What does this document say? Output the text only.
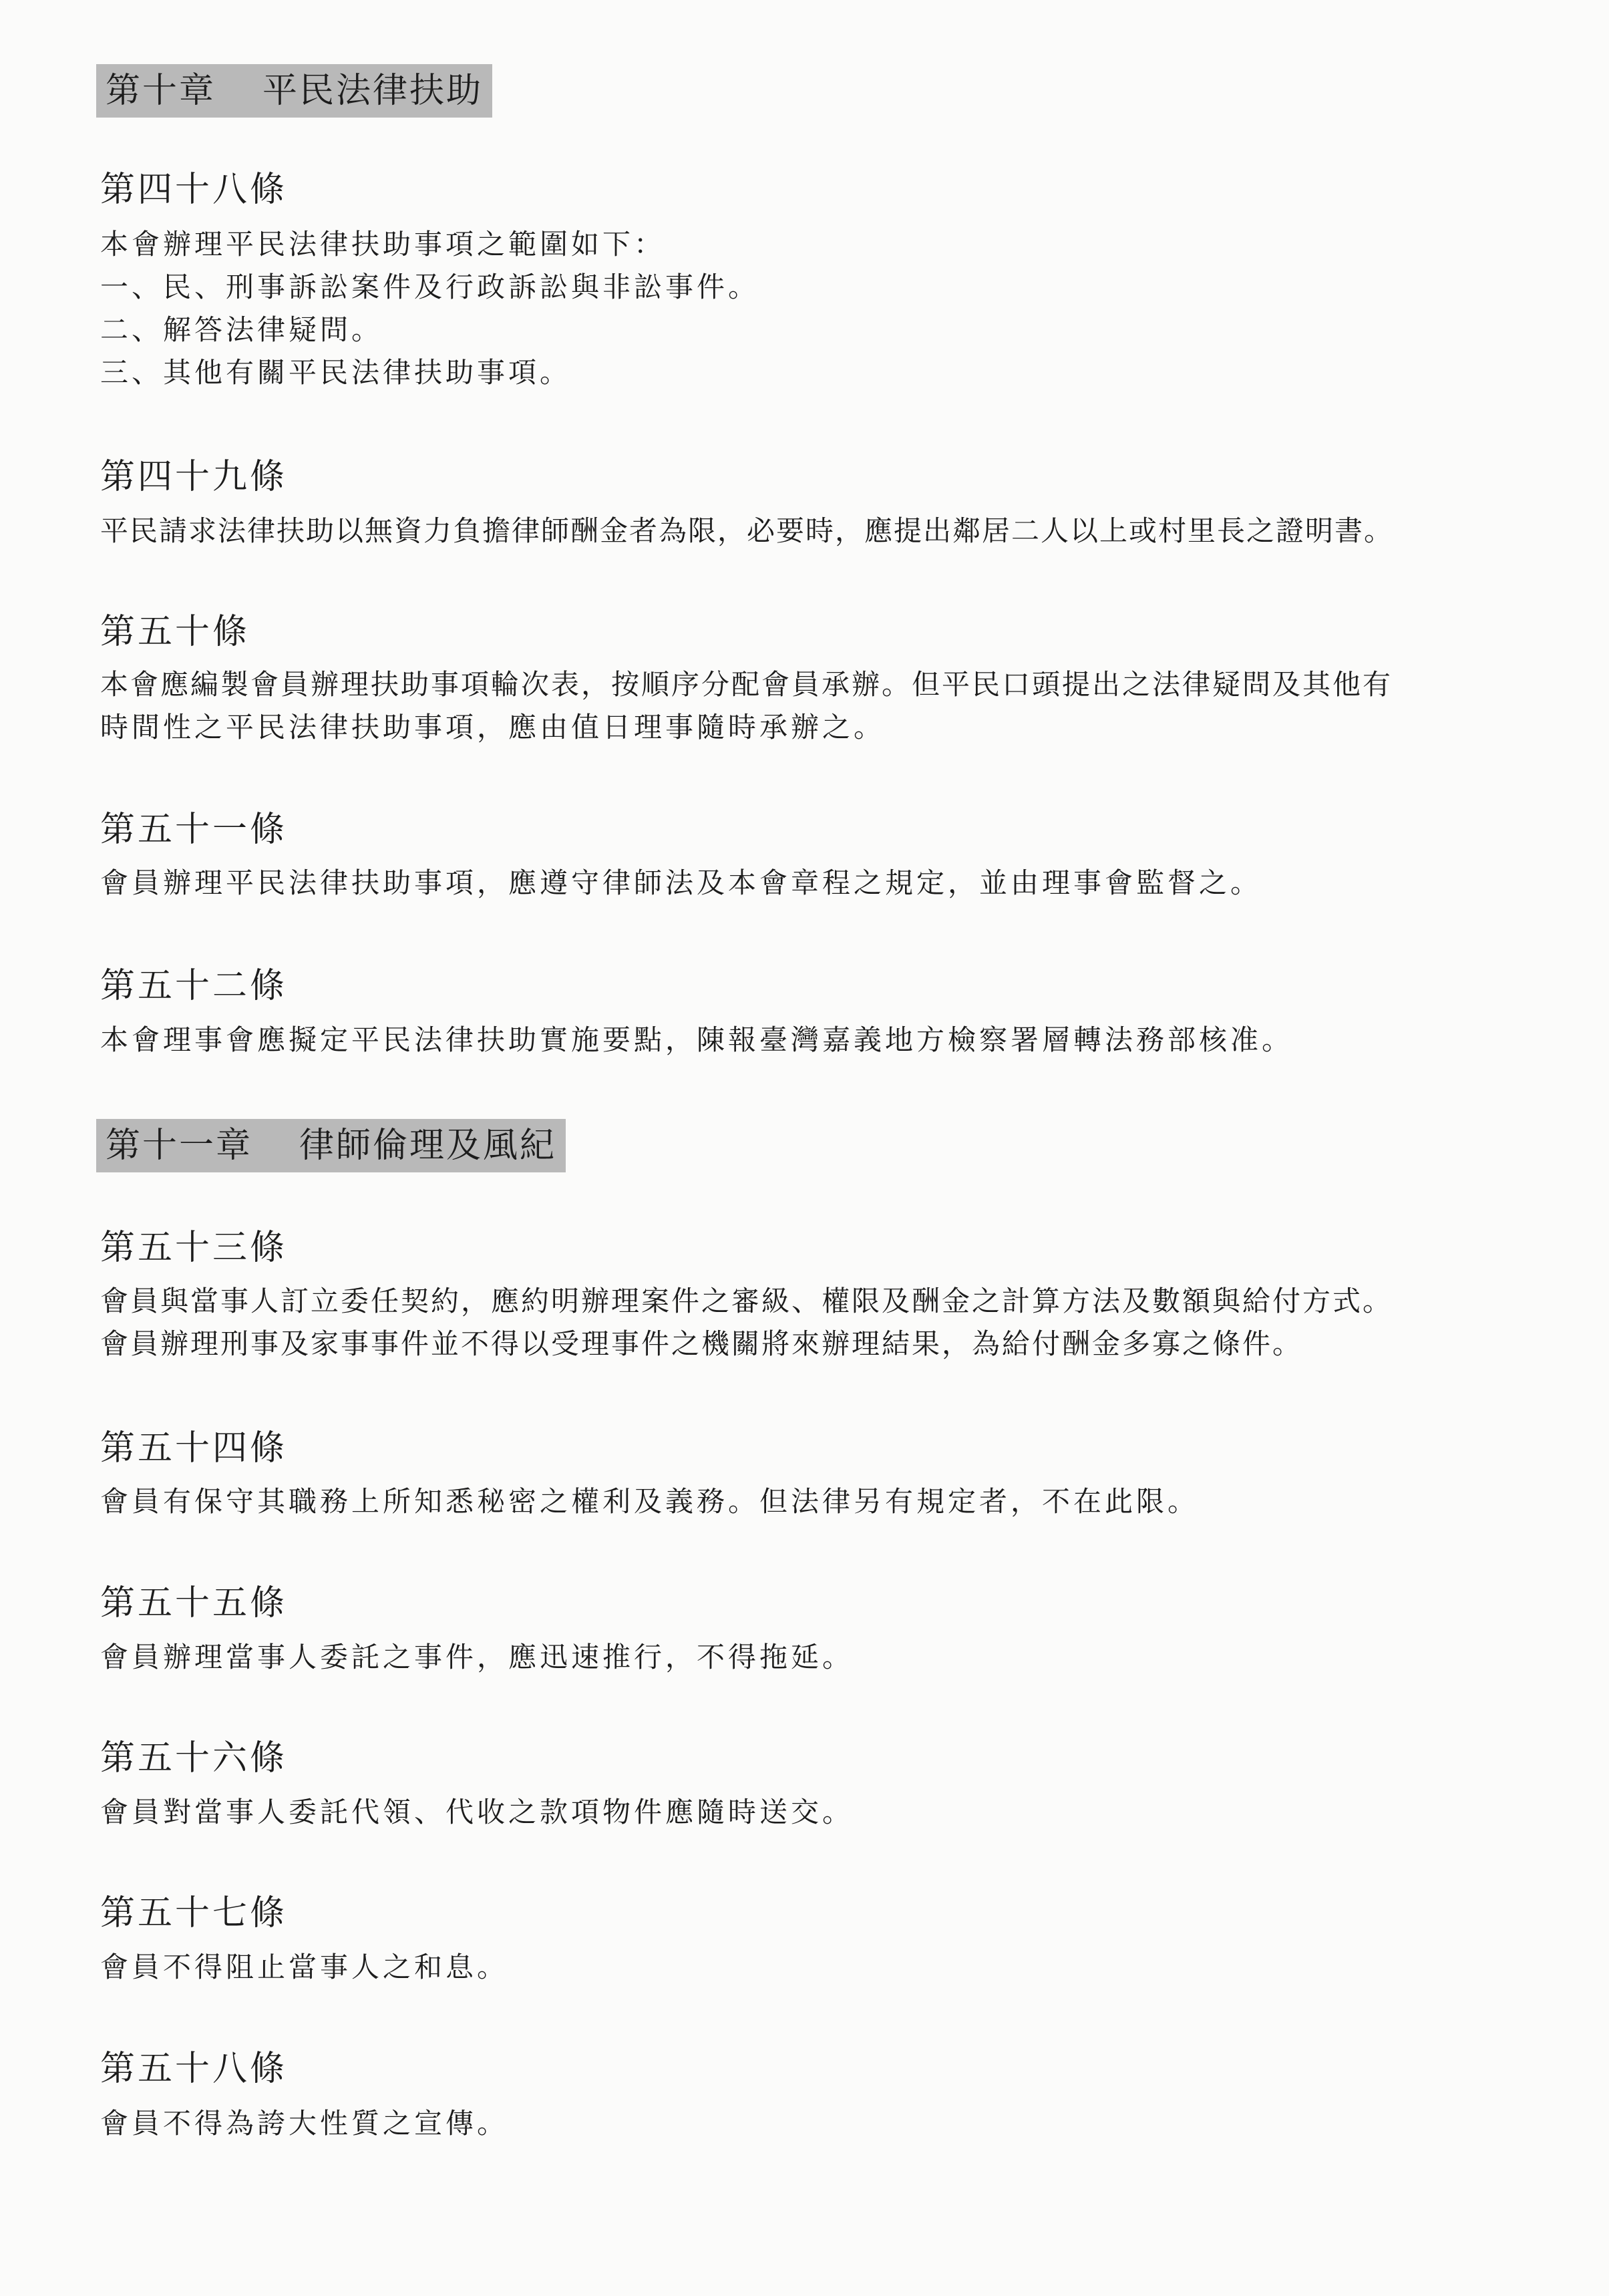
第十章 平民法律扶助
第四十八條
本會辦理平民法律扶助事項之範圍如下：
一、民、刑事訴訟案件及行政訴訟與非訟事件。
二、解答法律疑問。
三、其他有關平民法律扶助事項。
第四十九條
平民請求法律扶助以無資力負擔律師酬金者為限，必要時，應提出鄰居二人以上或村里長之證明書。
第五十條
本會應編製會員辦理扶助事項輪次表，按順序分配會員承辦。但平民口頭提出之法律疑問及其他有
時間性之平民法律扶助事項，應由值日理事隨時承辦之。
第五十一條
會員辦理平民法律扶助事項，應遵守律師法及本會章程之規定，並由理事會監督之。
第五十二條
本會理事會應擬定平民法律扶助實施要點，陳報臺灣嘉義地方檢察署層轉法務部核准。
第十一章 律師倫理及風紀
第五十三條
會員與當事人訂立委任契約，應約明辦理案件之審級、權限及酬金之計算方法及數額與給付方式。
會員辦理刑事及家事事件並不得以受理事件之機關將來辦理結果，為給付酬金多寡之條件。
第五十四條
會員有保守其職務上所知悉秘密之權利及義務。但法律另有規定者，不在此限。
第五十五條
會員辦理當事人委託之事件，應迅速推行，不得拖延。
第五十六條
會員對當事人委託代領、代收之款項物件應隨時送交。
第五十七條
會員不得阻止當事人之和息。
第五十八條
會員不得為誇大性質之宣傳。
